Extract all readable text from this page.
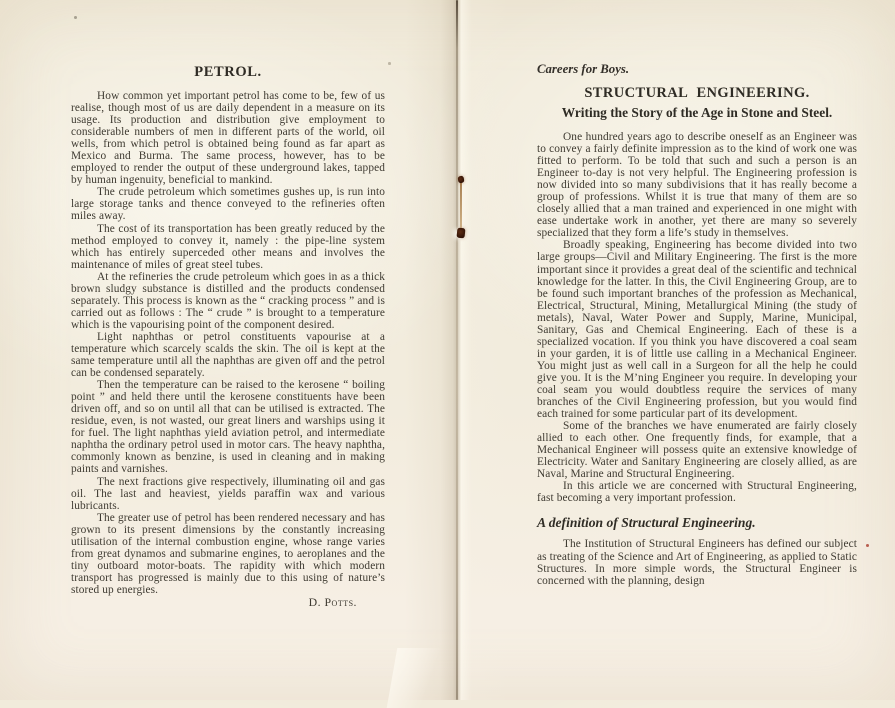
PETROL.

How common yet important petrol has come to be, few of us realise, though most of us are daily dependent in a measure on its usage. Its production and distribution give employment to considerable numbers of men in different parts of the world, oil wells, from which petrol is obtained being found as far apart as Mexico and Burma. The same process, however, has to be employed to render the output of these underground lakes, tapped by human ingenuity, beneficial to mankind.

The crude petroleum which sometimes gushes up, is run into large storage tanks and thence conveyed to the refineries often miles away.

The cost of its transportation has been greatly reduced by the method employed to convey it, namely : the pipe-line system which has entirely superceded other means and involves the maintenance of miles of great steel tubes.

At the refineries the crude petroleum which goes in as a thick brown sludgy substance is distilled and the products condensed separately. This process is known as the “ cracking process ” and is carried out as follows : The “ crude ” is brought to a temperature which is the vapourising point of the component desired.

Light naphthas or petrol constituents vapourise at a temperature which scarcely scalds the skin. The oil is kept at the same temperature until all the naphthas are given off and the petrol can be condensed separately.

Then the temperature can be raised to the kerosene “ boiling point ” and held there until the kerosene constituents have been driven off, and so on until all that can be utilised is extracted. The residue, even, is not wasted, our great liners and warships using it for fuel. The light naphthas yield aviation petrol, and intermediate naphtha the ordinary petrol used in motor cars. The heavy naphtha, commonly known as benzine, is used in cleaning and in making paints and varnishes.

The next fractions give respectively, illuminating oil and gas oil. The last and heaviest, yields paraffin wax and various lubricants.

The greater use of petrol has been rendered necessary and has grown to its present dimensions by the constantly increasing utilisation of the internal combustion engine, whose range varies from great dynamos and submarine engines, to aeroplanes and the tiny outboard motor-boats. The rapidity with which modern transport has progressed is mainly due to this using of nature’s stored up energies.

D. Potts.

Careers for Boys.
STRUCTURAL ENGINEERING.
Writing the Story of the Age in Stone and Steel.

One hundred years ago to describe oneself as an Engineer was to convey a fairly definite impression as to the kind of work one was fitted to perform. To be told that such and such a person is an Engineer to-day is not very helpful. The Engineering profession is now divided into so many subdivisions that it has really become a group of professions. Whilst it is true that many of them are so closely allied that a man trained and experienced in one might with ease undertake work in another, yet there are many so severely specialized that they form a life’s study in themselves.

Broadly speaking, Engineering has become divided into two large groups—Civil and Military Engineering. The first is the more important since it provides a great deal of the scientific and technical knowledge for the latter. In this, the Civil Engineering Group, are to be found such important branches of the profession as Mechanical, Electrical, Structural, Mining, Metallurgical Mining (the study of metals), Naval, Water Power and Supply, Marine, Municipal, Sanitary, Gas and Chemical Engineering. Each of these is a specialized vocation. If you think you have discovered a coal seam in your garden, it is of little use calling in a Mechanical Engineer. You might just as well call in a Surgeon for all the help he could give you. It is the M’ning Engineer you require. In developing your coal seam you would doubtless require the services of many branches of the Civil Engineering profession, but you would find each trained for some particular part of its development.

Some of the branches we have enumerated are fairly closely allied to each other. One frequently finds, for example, that a Mechanical Engineer will possess quite an extensive knowledge of Electricity. Water and Sanitary Engineering are closely allied, as are Naval, Marine and Structural Engineering.

In this article we are concerned with Structural Engineering, fast becoming a very important profession.

A definition of Structural Engineering.

The Institution of Structural Engineers has defined our subject as treating of the Science and Art of Engineering, as applied to Static Structures. In more simple words, the Structural Engineer is concerned with the planning, design
